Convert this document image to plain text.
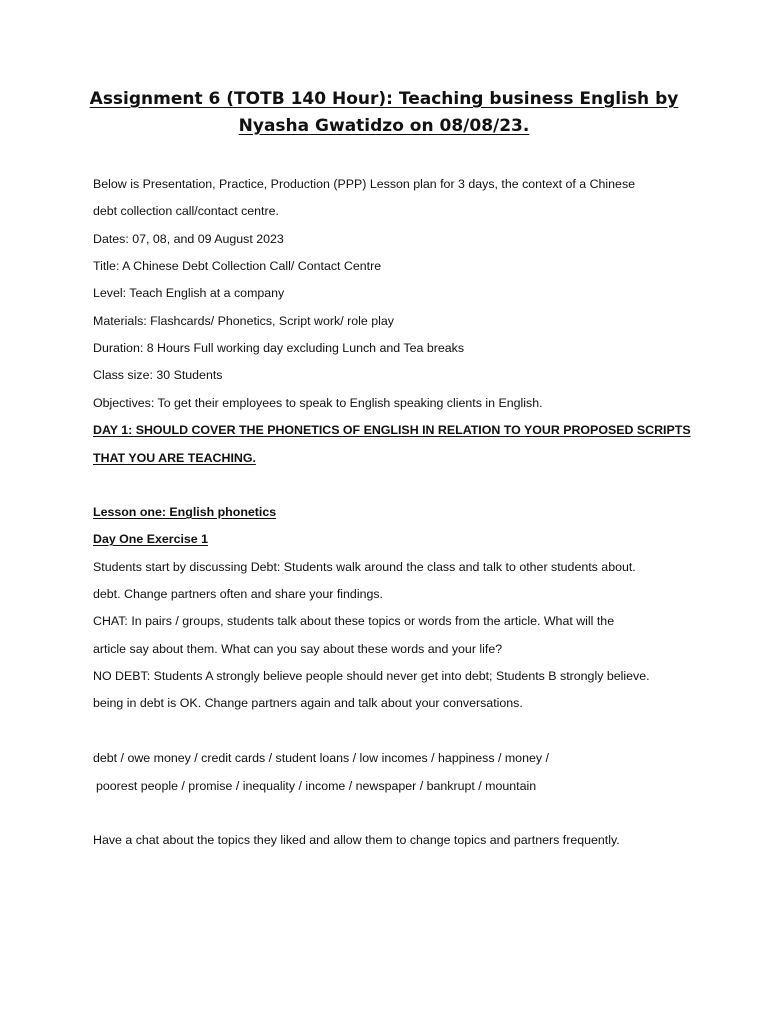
Assignment 6 (TOTB 140 Hour): Teaching business English by
Nyasha Gwatidzo on 08/08/23.
Below is Presentation, Practice, Production (PPP) Lesson plan for 3 days, the context of a Chinese
debt collection call/contact centre.
Dates: 07, 08, and 09 August 2023
Title: A Chinese Debt Collection Call/ Contact Centre
Level: Teach English at a company
Materials: Flashcards/ Phonetics, Script work/ role play
Duration: 8 Hours Full working day excluding Lunch and Tea breaks
Class size: 30 Students
Objectives: To get their employees to speak to English speaking clients in English.
DAY 1: SHOULD COVER THE PHONETICS OF ENGLISH IN RELATION TO YOUR PROPOSED SCRIPTS
THAT YOU ARE TEACHING.
Lesson one: English phonetics
Day One Exercise 1
Students start by discussing Debt: Students walk around the class and talk to other students about.
debt. Change partners often and share your findings.
CHAT: In pairs / groups, students talk about these topics or words from the article. What will the
article say about them. What can you say about these words and your life?
NO DEBT: Students A strongly believe people should never get into debt; Students B strongly believe.
being in debt is OK. Change partners again and talk about your conversations.
debt / owe money / credit cards / student loans / low incomes / happiness / money /
poorest people / promise / inequality / income / newspaper / bankrupt / mountain
Have a chat about the topics they liked and allow them to change topics and partners frequently.
